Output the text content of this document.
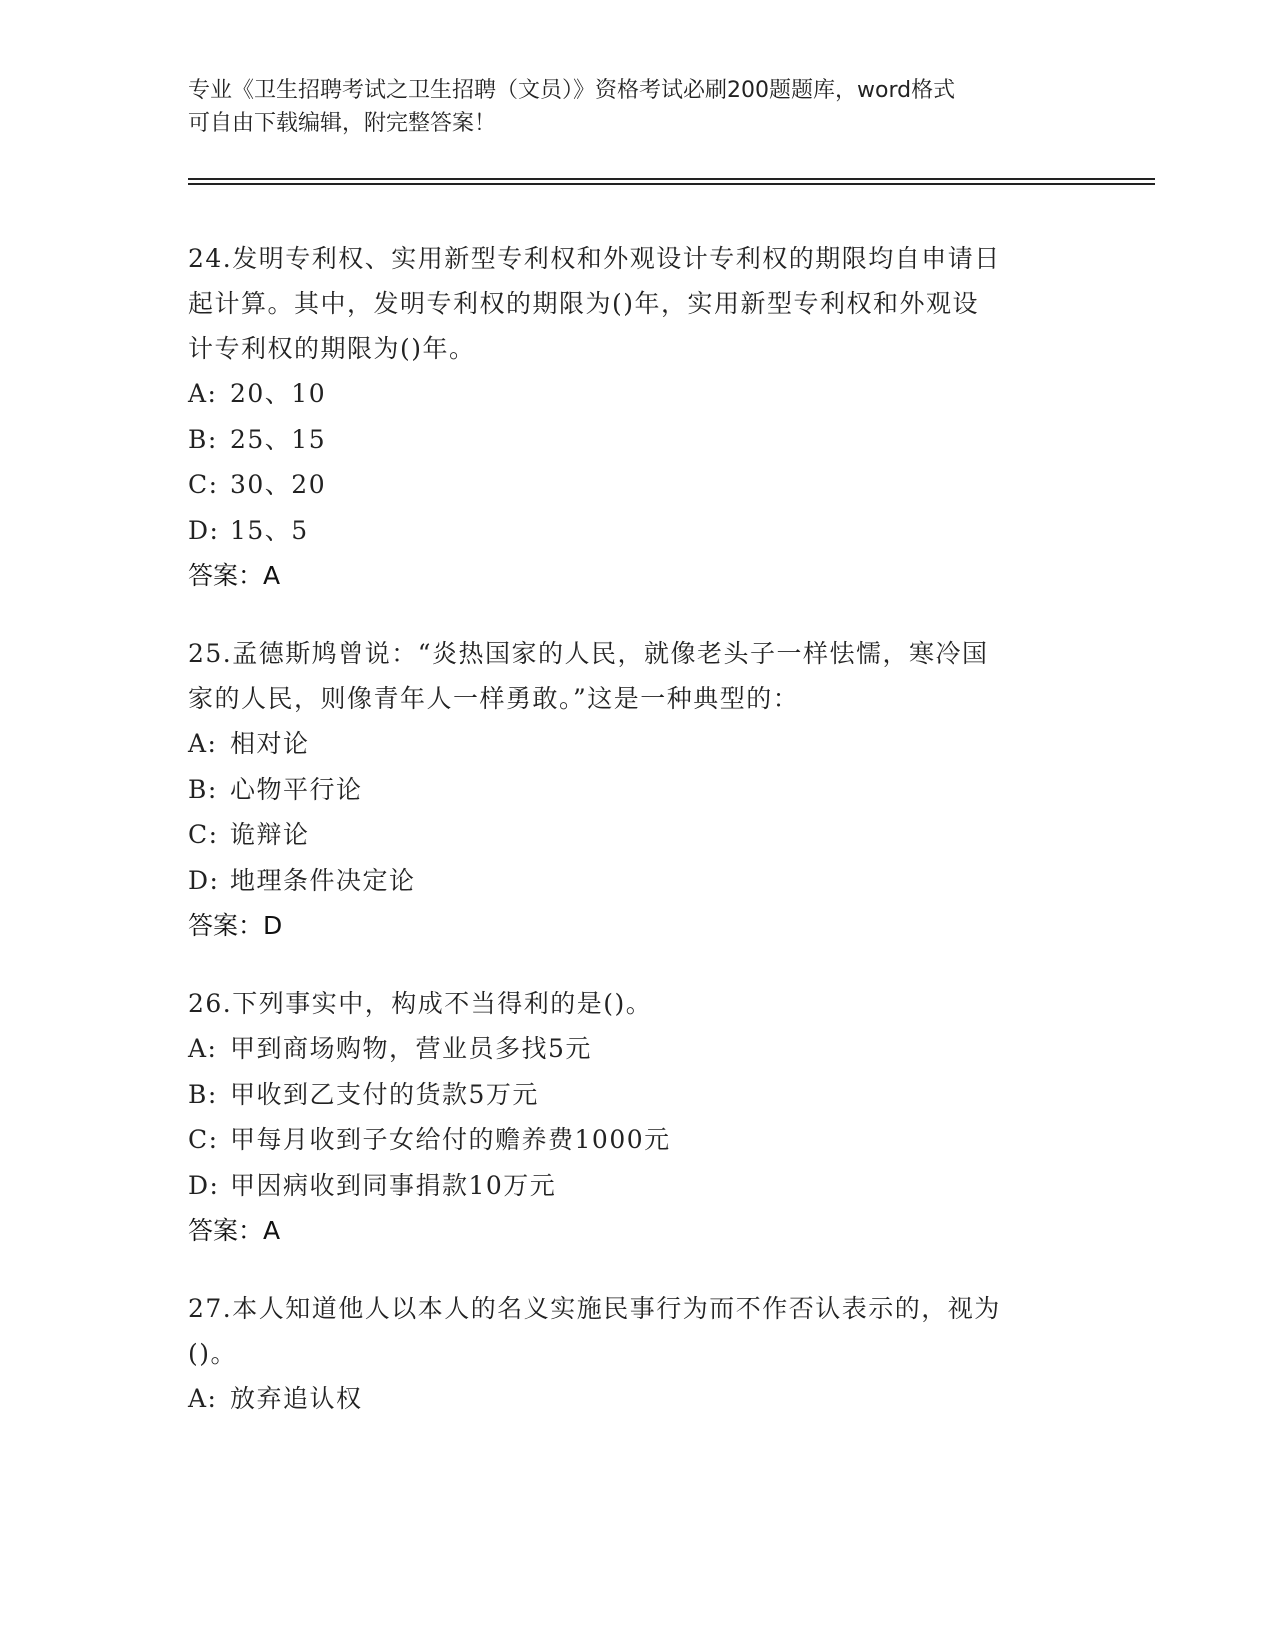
专业《卫生招聘考试之卫生招聘（文员）》资格考试必刷200题题库，word格式
可自由下载编辑，附完整答案！
24.发明专利权、实用新型专利权和外观设计专利权的期限均自申请日
起计算。其中，发明专利权的期限为()年，实用新型专利权和外观设
计专利权的期限为()年。
A: 20、10
B: 25、15
C: 30、20
D: 15、5
答案：A
25.孟德斯鸠曾说：“炎热国家的人民，就像老头子一样怯懦，寒冷国
家的人民，则像青年人一样勇敢。”这是一种典型的：
A: 相对论
B: 心物平行论
C: 诡辩论
D: 地理条件决定论
答案：D
26.下列事实中，构成不当得利的是()。
A: 甲到商场购物，营业员多找5元
B: 甲收到乙支付的货款5万元
C: 甲每月收到子女给付的赡养费1000元
D: 甲因病收到同事捐款10万元
答案：A
27.本人知道他人以本人的名义实施民事行为而不作否认表示的，视为
()。
A: 放弃追认权
